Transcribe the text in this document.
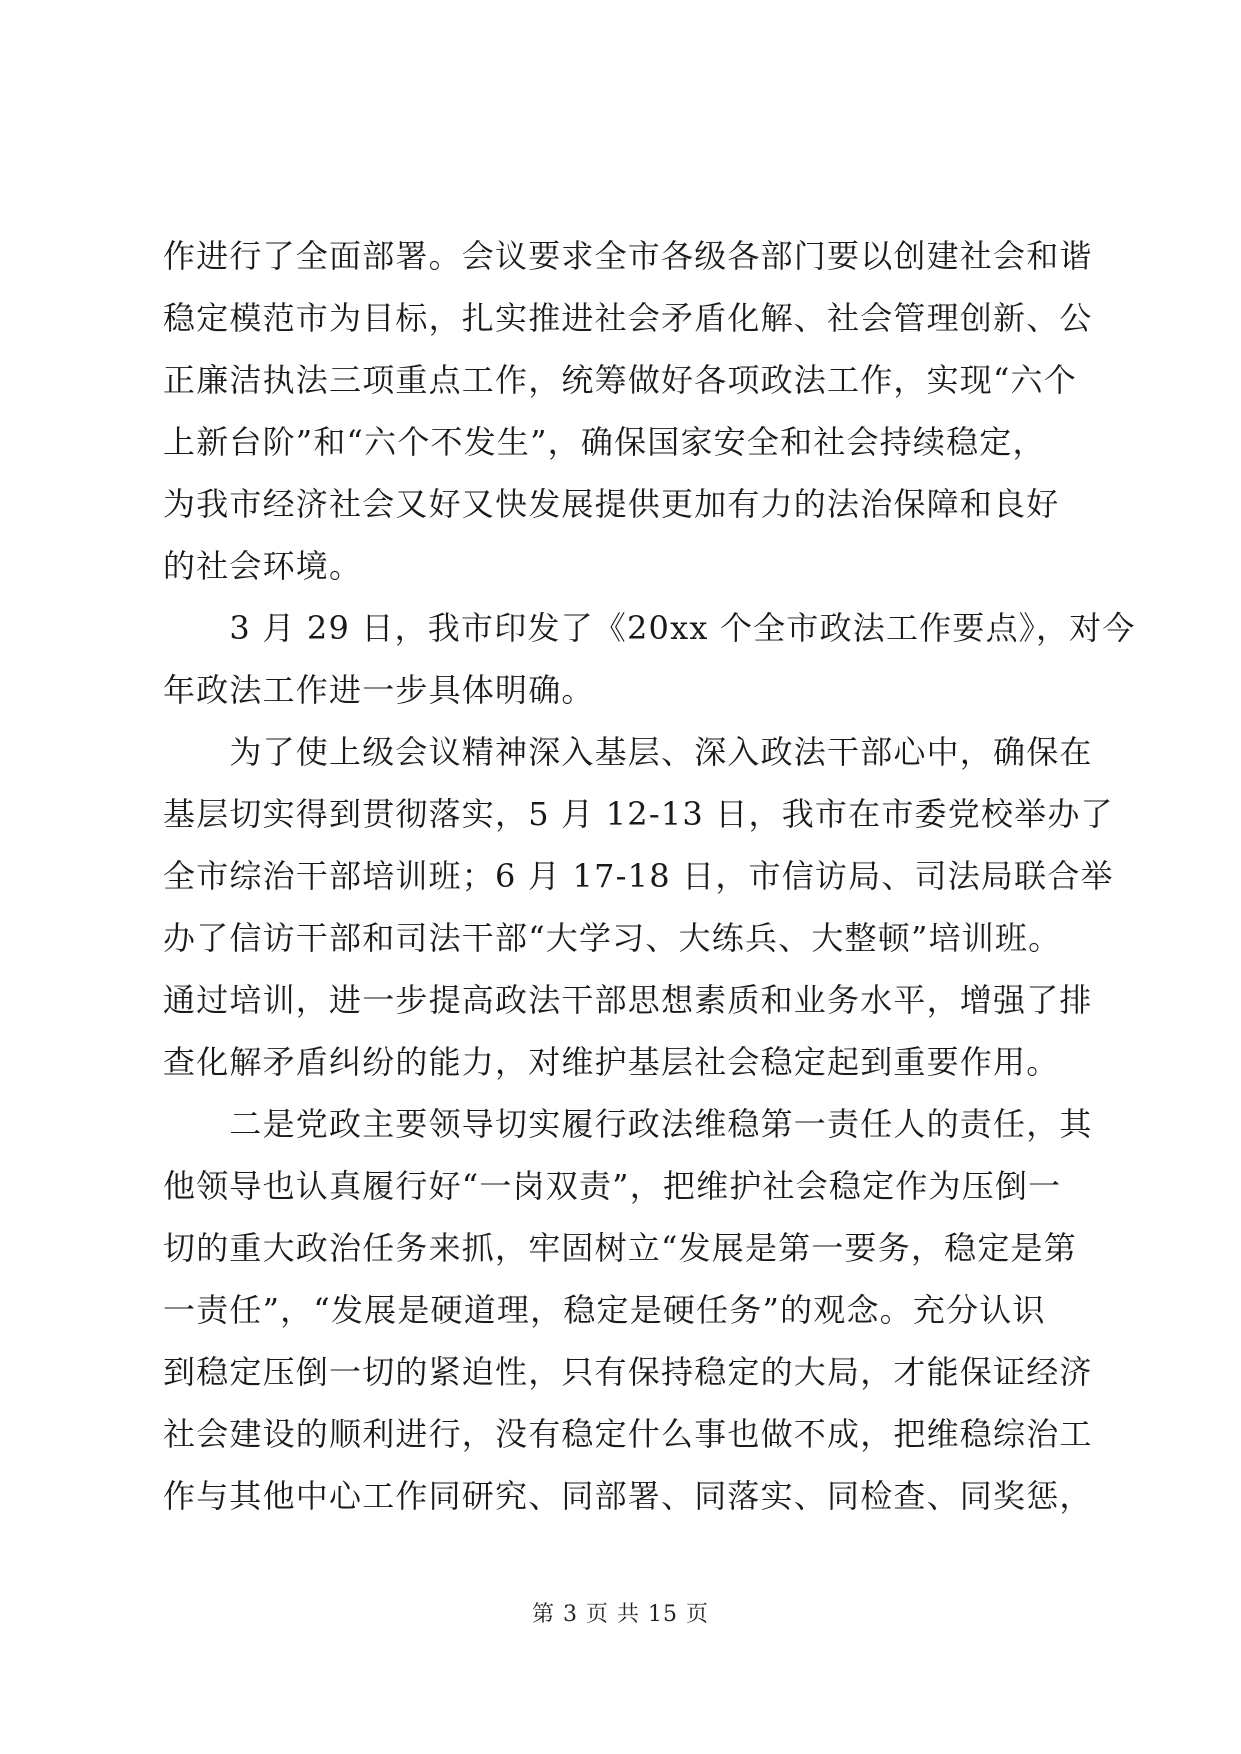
作进行了全面部署。会议要求全市各级各部门要以创建社会和谐
稳定模范市为目标，扎实推进社会矛盾化解、社会管理创新、公
正廉洁执法三项重点工作，统筹做好各项政法工作，实现“六个
上新台阶”和“六个不发生”，确保国家安全和社会持续稳定，
为我市经济社会又好又快发展提供更加有力的法治保障和良好
的社会环境。
　　3 月 29 日，我市印发了《20xx 个全市政法工作要点》，对今
年政法工作进一步具体明确。
　　为了使上级会议精神深入基层、深入政法干部心中，确保在
基层切实得到贯彻落实，5 月 12-13 日，我市在市委党校举办了
全市综治干部培训班；6 月 17-18 日，市信访局、司法局联合举
办了信访干部和司法干部“大学习、大练兵、大整顿”培训班。
通过培训，进一步提高政法干部思想素质和业务水平，增强了排
查化解矛盾纠纷的能力，对维护基层社会稳定起到重要作用。
　　二是党政主要领导切实履行政法维稳第一责任人的责任，其
他领导也认真履行好“一岗双责”，把维护社会稳定作为压倒一
切的重大政治任务来抓，牢固树立“发展是第一要务，稳定是第
一责任”，“发展是硬道理，稳定是硬任务”的观念。充分认识
到稳定压倒一切的紧迫性，只有保持稳定的大局，才能保证经济
社会建设的顺利进行，没有稳定什么事也做不成，把维稳综治工
作与其他中心工作同研究、同部署、同落实、同检查、同奖惩，
第 3 页 共 15 页
